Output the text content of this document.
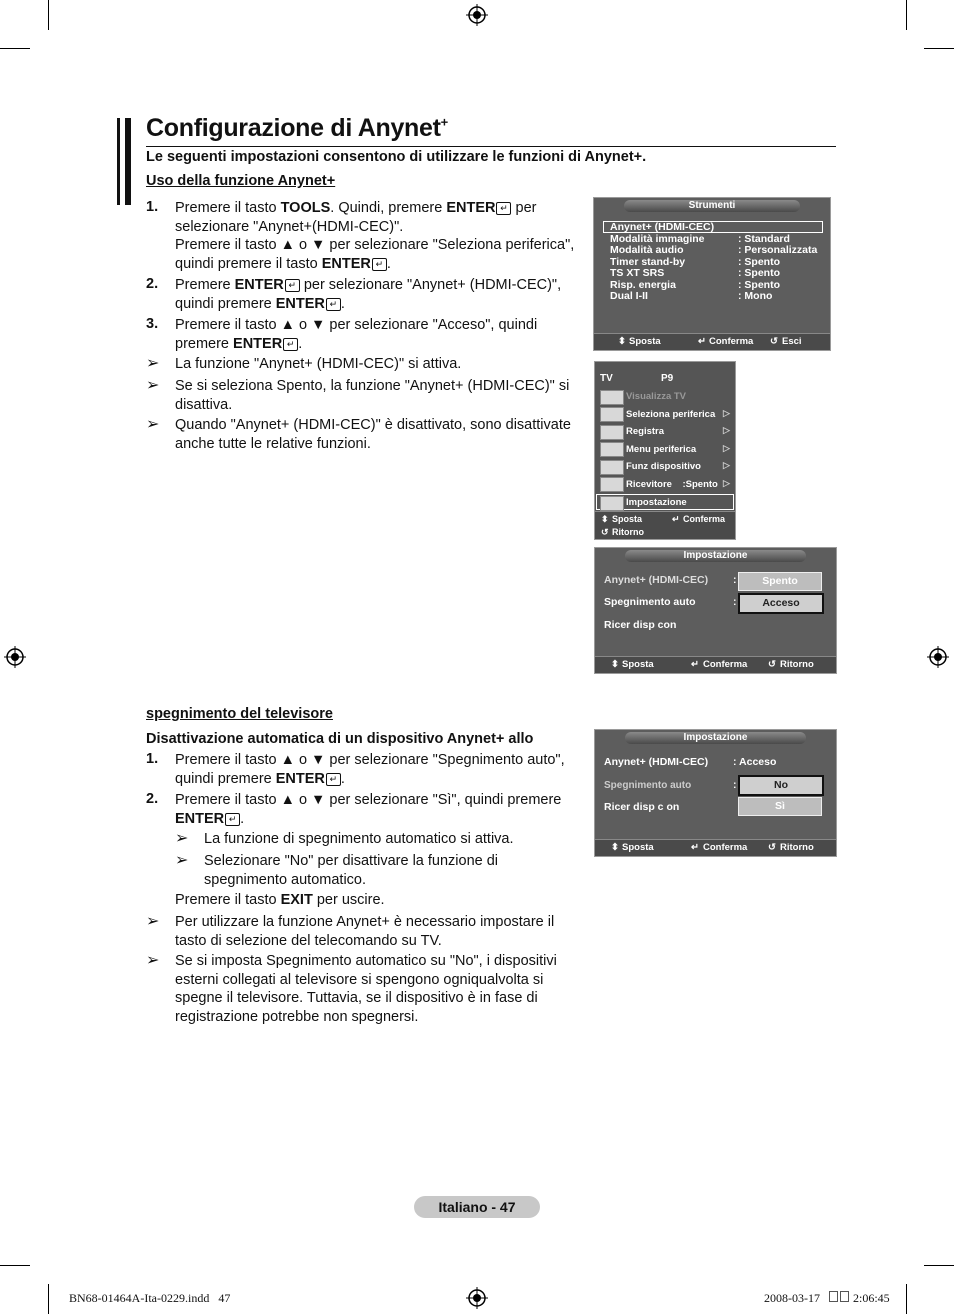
Configurazione di Anynet+
Le seguenti impostazioni consentono di utilizzare le funzioni di Anynet+.
Uso della funzione Anynet+
1. Premere il tasto TOOLS. Quindi, premere ENTER ↵ per
selezionare "Anynet+(HDMI-CEC)".
Premere il tasto ▲ o ▼ per selezionare "Seleziona periferica",
quindi premere il tasto ENTER ↵ .
2. Premere ENTER ↵ per selezionare "Anynet+ (HDMI-CEC)",
quindi premere ENTER ↵ .
3. Premere il tasto ▲ o ▼ per selezionare "Acceso", quindi
premere ENTER ↵ .
➢ La funzione "Anynet+ (HDMI-CEC)" si attiva.
➢ Se si seleziona Spento, la funzione "Anynet+ (HDMI-CEC)" si
disattiva.
➢ Quando "Anynet+ (HDMI-CEC)" è disattivato, sono disattivate
anche tutte le relative funzioni.
Strumenti
Anynet+ (HDMI-CEC)
Modalità immagine	: Standard
Modalità audio	: Personalizzata
Timer stand-by	: Spento
TS XT SRS	: Spento
Risp. energia	: Spento
Dual I-II	: Mono
⬍ Sposta	↵ Conferma ↺ Esci
TV	P9
Visualizza TV
Seleziona periferica ▷
Registra	▷
Menu periferica	▷
Funz dispositivo ▷
Ricevitore    :Spento ▷
Impostazione
⬍ Sposta	↵ Conferma
↺ Ritorno
Impostazione
Anynet+ (HDMI-CEC) :	Spento
Spegnimento auto	:	Acceso
Ricer disp con
⬍ Sposta	↵ Conferma ↺ Ritorno
spegnimento del televisore
Disattivazione automatica di un dispositivo Anynet+ allo
1. Premere il tasto ▲ o ▼ per selezionare "Spegnimento auto",
quindi premere ENTER ↵ .
2. Premere il tasto ▲ o ▼ per selezionare "Sì", quindi premere
ENTER ↵ .
➢ La funzione di spegnimento automatico si attiva.
➢ Selezionare "No" per disattivare la funzione di
spegnimento automatico.
Premere il tasto EXIT per uscire.
➢ Per utilizzare la funzione Anynet+ è necessario impostare il
tasto di selezione del telecomando su TV.
➢ Se si imposta Spegnimento automatico su "No", i dispositivi
esterni collegati al televisore si spengono ogniqualvolta si
spegne il televisore. Tuttavia, se il dispositivo è in fase di
registrazione potrebbe non spegnersi.
Impostazione
Anynet+ (HDMI-CEC) : Acceso
Spegnimento auto	:	No
Ricer disp c on	Sì
⬍ Sposta	↵ Conferma ↺ Ritorno
Italiano - 47
BN68-01464A-Ita-0229.indd   47	2008-03-17   2:06:45
